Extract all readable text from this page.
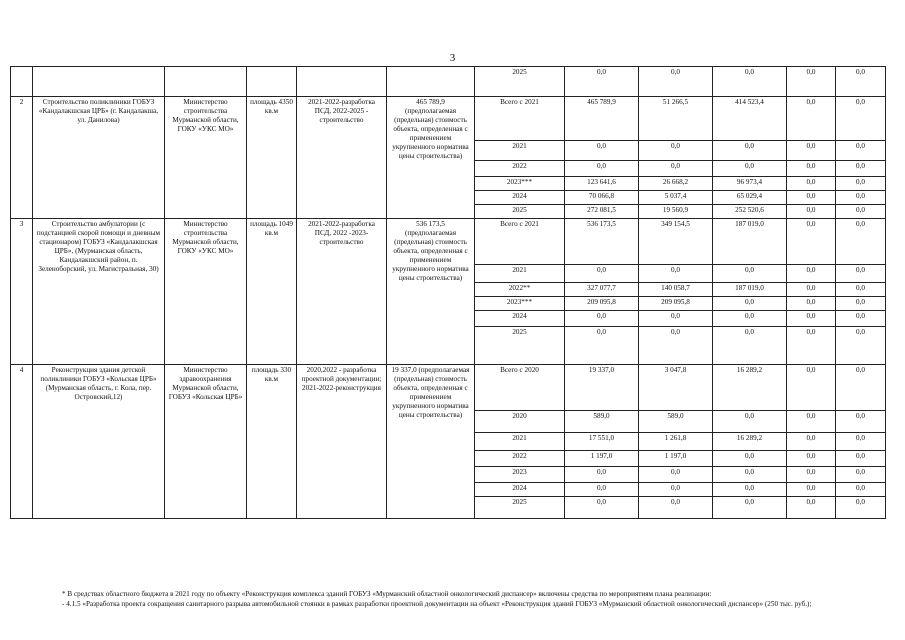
3
						2025	0,0	0,0	0,0	0,0	0,0
2	Строительство поликлиники ГОБУЗ «Кандалакшская ЦРБ» (г. Кандалакша, ул. Данилова)	Министерство строительства Мурманской области, ГОКУ «УКС МО»	площадь 4350 кв.м	2021-2022-разработка ПСД, 2022-2025 - строительство	465 789,9 (предполагаемая (предельная) стоимость объекта, определенная с применением укрупненного норматива цены строительства)	Всего с 2021	465 789,9	51 266,5	414 523,4	0,0	0,0
						2021	0,0	0,0	0,0	0,0	0,0
						2022	0,0	0,0	0,0	0,0	0,0
						2023***	123 641,6	26 668,2	96 973,4	0,0	0,0
						2024	70 066,8	5 037,4	65 029,4	0,0	0,0
						2025	272 081,5	19 560,9	252 520,6	0,0	0,0
3	Строительство амбулатории (с подстанцией скорой помощи и дневным стационаром) ГОБУЗ «Кандалакшская ЦРБ», (Мурманская область, Кандалакшский район, п. Зеленоборский, ул. Магистральная, 30)	Министерство строительства Мурманской области, ГОКУ «УКС МО»	площадь 1049 кв.м	2021-2022-разработка ПСД, 2022 -2023-строительство	536 173,5 (предполагаемая (предельная) стоимость объекта, определенная с применением укрупненного норматива цены строительства)	Всего с 2021	536 173,5	349 154,5	187 019,0	0,0	0,0
						2021	0,0	0,0	0,0	0,0	0,0
						2022**	327 077,7	140 058,7	187 019,0	0,0	0,0
						2023***	209 095,8	209 095,8	0,0	0,0	0,0
						2024	0,0	0,0	0,0	0,0	0,0
						2025	0,0	0,0	0,0	0,0	0,0
4	Реконструкция здания детской поликлиники ГОБУЗ «Кольская ЦРБ» (Мурманская область, г. Кола, пер. Островский,12)	Министерство здравоохранения Мурманской области, ГОБУЗ «Кольская ЦРБ»	площадь 330 кв.м	2020,2022 - разработка проектной документации; 2021-2022-реконструкция	19 337,0 (предполагаемая (предельная) стоимость объекта, определенная с применением укрупненного норматива цены строительства)	Всего с 2020	19 337,0	3 047,8	16 289,2	0,0	0,0
						2020	589,0	589,0	0,0	0,0	0,0
						2021	17 551,0	1 261,8	16 289,2	0,0	0,0
						2022	1 197,0	1 197,0	0,0	0,0	0,0
						2023	0,0	0,0	0,0	0,0	0,0
						2024	0,0	0,0	0,0	0,0	0,0
						2025	0,0	0,0	0,0	0,0	0,0

* В средствах областного бюджета в 2021 году по объекту «Реконструкция комплекса зданий ГОБУЗ «Мурманский областной онкологический диспансер» включены средства по мероприятиям плана реализации:

- 4.1.5 «Разработка проекта сокращения санитарного разрыва автомобильной стоянки в рамках разработки проектной документации на объект «Реконструкция зданий ГОБУЗ «Мурманский областной онкологический диспансер» (250 тыс. руб.);
